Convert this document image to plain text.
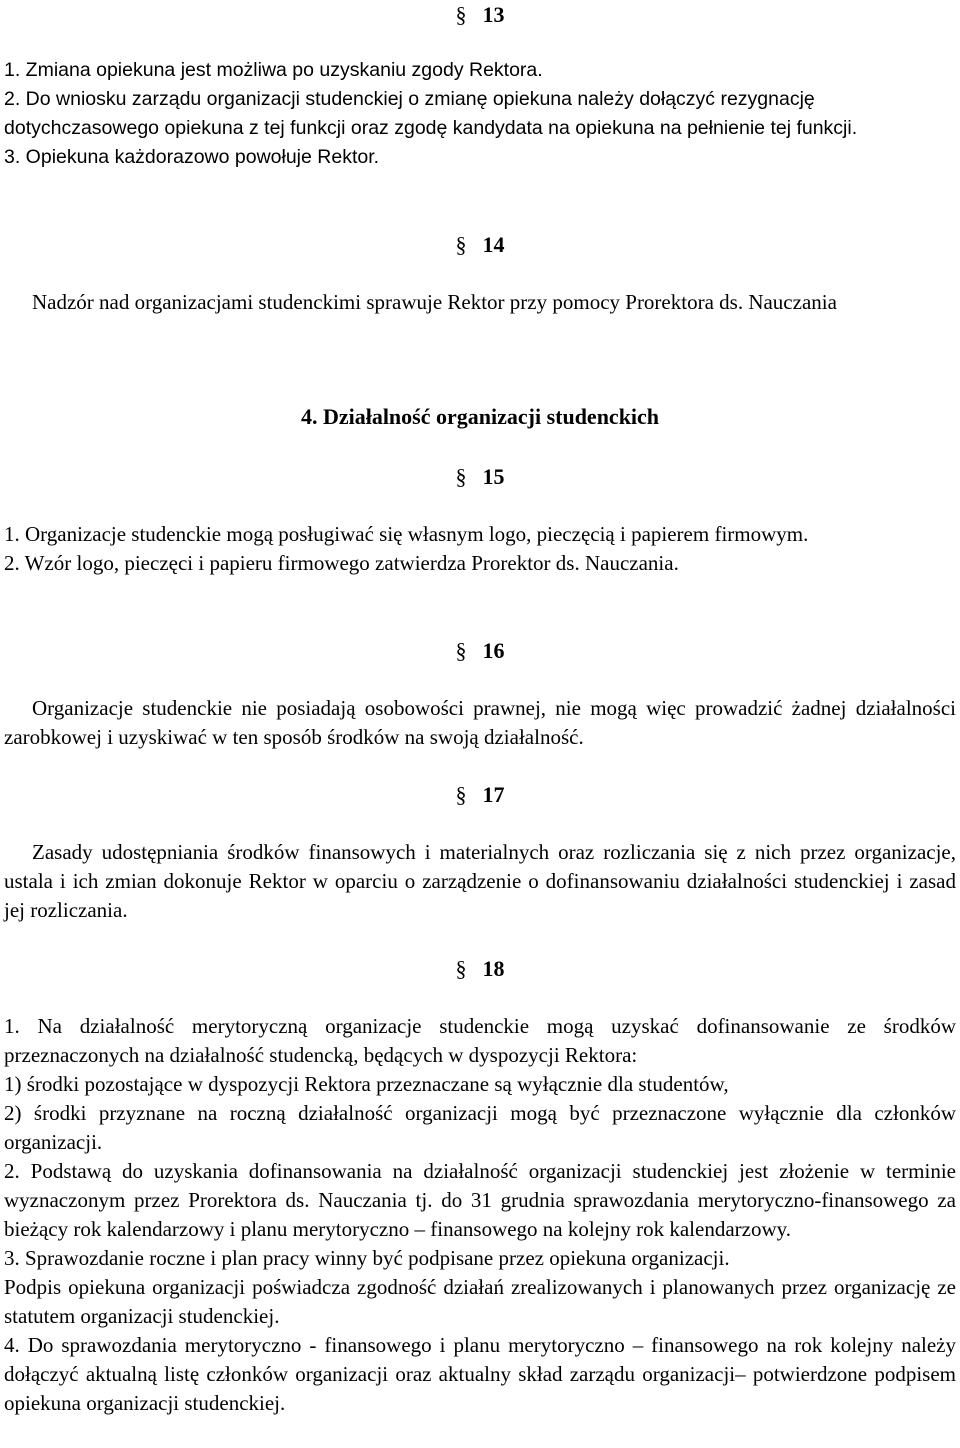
§ 13

1. Zmiana opiekuna jest możliwa po uzyskaniu zgody Rektora.

2. Do wniosku zarządu organizacji studenckiej o zmianę opiekuna należy dołączyć rezygnację dotychczasowego opiekuna z tej funkcji oraz zgodę kandydata na opiekuna na pełnienie tej funkcji.

3. Opiekuna każdorazowo powołuje Rektor.

§ 14

Nadzór nad organizacjami studenckimi sprawuje Rektor przy pomocy Prorektora ds. Nauczania

4. Działalność organizacji studenckich
§ 15

1. Organizacje studenckie mogą posługiwać się własnym logo, pieczęcią i papierem firmowym.

2. Wzór logo, pieczęci i papieru firmowego zatwierdza Prorektor ds. Nauczania.

§ 16

Organizacje studenckie nie posiadają osobowości prawnej, nie mogą więc prowadzić żadnej działalności zarobkowej i uzyskiwać w ten sposób środków na swoją działalność.

§ 17

Zasady udostępniania środków finansowych i materialnych oraz rozliczania się z nich przez organizacje, ustala i ich zmian dokonuje Rektor w oparciu o zarządzenie o dofinansowaniu działalności studenckiej i zasad jej rozliczania.

§ 18

1. Na działalność merytoryczną organizacje studenckie mogą uzyskać dofinansowanie ze środków przeznaczonych na działalność studencką, będących w dyspozycji Rektora:

1) środki pozostające w dyspozycji Rektora przeznaczane są wyłącznie dla studentów,

2) środki przyznane na roczną działalność organizacji mogą być przeznaczone wyłącznie dla członków organizacji.

2. Podstawą do uzyskania dofinansowania na działalność organizacji studenckiej jest złożenie w terminie wyznaczonym przez Prorektora ds. Nauczania tj. do 31 grudnia sprawozdania merytoryczno-finansowego za bieżący rok kalendarzowy i planu merytoryczno – finansowego na kolejny rok kalendarzowy.

3. Sprawozdanie roczne i plan pracy winny być podpisane przez opiekuna organizacji.

Podpis opiekuna organizacji poświadcza zgodność działań zrealizowanych i planowanych przez organizację ze statutem organizacji studenckiej.

4. Do sprawozdania merytoryczno - finansowego i planu merytoryczno – finansowego na rok kolejny należy dołączyć aktualną listę członków organizacji oraz aktualny skład zarządu organizacji– potwierdzone podpisem opiekuna organizacji studenckiej.
